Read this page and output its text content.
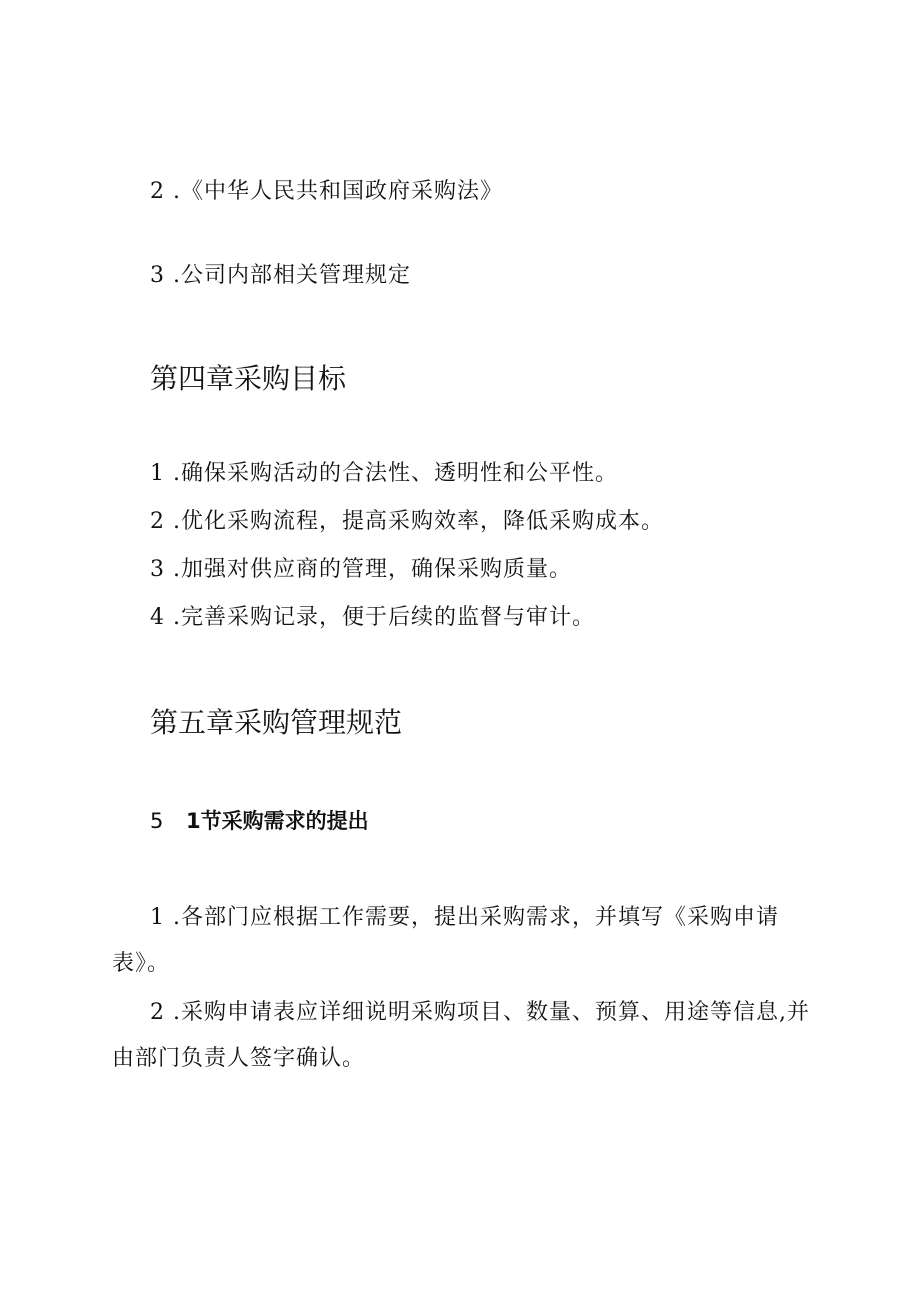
2 .《中华人民共和国政府采购法》
3 .公司内部相关管理规定
第四章采购目标
1 .确保采购活动的合法性、透明性和公平性。
2 .优化采购流程，提高采购效率，降低采购成本。
3 .加强对供应商的管理，确保采购质量。
4 .完善采购记录，便于后续的监督与审计。
第五章采购管理规范
5 1节采购需求的提出
1 .各部门应根据工作需要，提出采购需求，并填写《采购申请表》。
2 .采购申请表应详细说明采购项目、数量、预算、用途等信息,并由部门负责人签字确认。
